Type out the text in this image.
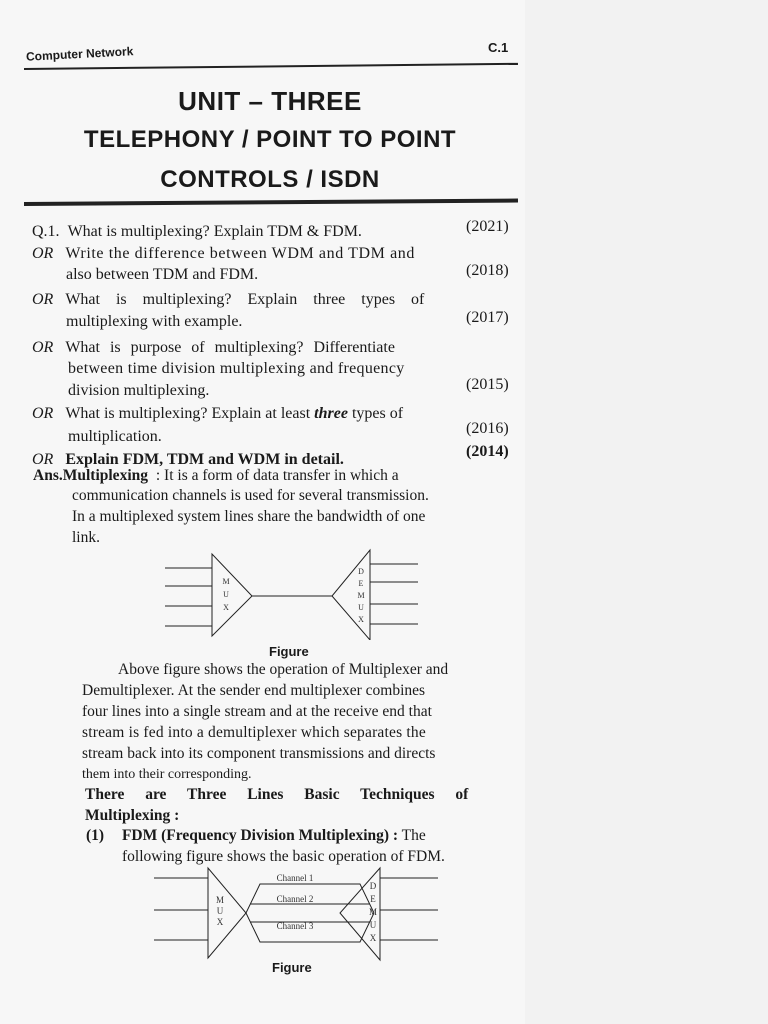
Computer Network	C.1
UNIT – THREE
TELEPHONY / POINT TO POINT
CONTROLS / ISDN
Q.1. What is multiplexing? Explain TDM & FDM.	(2021)
OR Write the difference between WDM and TDM and
also between TDM and FDM.	(2018)
OR What is multiplexing? Explain three types of
multiplexing with example.	(2017)
OR What is purpose of multiplexing? Differentiate
between time division multiplexing and frequency
division multiplexing.	(2015)
OR What is multiplexing? Explain at least three types of
multiplication.	(2016)
OR Explain FDM, TDM and WDM in detail.	(2014)
Ans.Multiplexing : It is a form of data transfer in which a
communication channels is used for several transmission.
In a multiplexed system lines share the bandwidth of one
link.
M
U
X
D
E
M
U
X
Figure
Above figure shows the operation of Multiplexer and
Demultiplexer. At the sender end multiplexer combines
four lines into a single stream and at the receive end that
stream is fed into a demultiplexer which separates the
stream back into its component transmissions and directs
them into their corresponding.
There are Three Lines Basic Techniques of
Multiplexing :
(1) FDM (Frequency Division Multiplexing) : The
following figure shows the basic operation of FDM.
Channel 1
Channel 2
Channel 3
M
U
X
D
E
M
U
X
Figure
